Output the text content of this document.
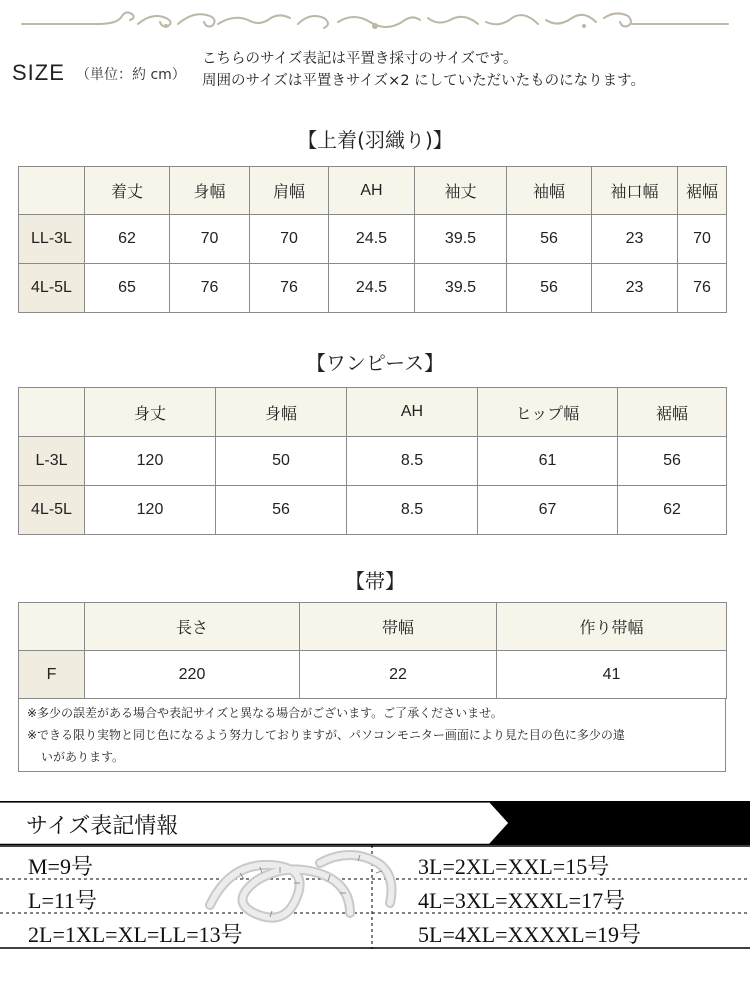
SIZE （単位：約 cm）
こちらのサイズ表記は平置き採寸のサイズです。
周囲のサイズは平置きサイズ×2 にしていただいたものになります。
【上着(羽織り)】
	着丈	身幅	肩幅	AH	袖丈	袖幅	袖口幅	裾幅
LL-3L	62	70	70	24.5	39.5	56	23	70
4L-5L	65	76	76	24.5	39.5	56	23	76
【ワンピース】
	身丈	身幅	AH	ヒップ幅	裾幅
L-3L	120	50	8.5	61	56
4L-5L	120	56	8.5	67	62
【帯】
	長さ	帯幅	作り帯幅
F	220	22	41
※多少の誤差がある場合や表記サイズと異なる場合がございます。ご了承くださいませ。
※できる限り実物と同じ色になるよう努力しておりますが、パソコンモニター画面により見た目の色に多少の違
いがあります。
サイズ表記情報
M=9号
L=11号
2L=1XL=XL=LL=13号
3L=2XL=XXL=15号
4L=3XL=XXXL=17号
5L=4XL=XXXXL=19号
